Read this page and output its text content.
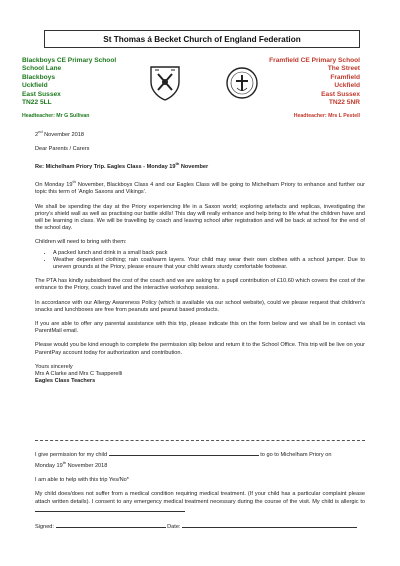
St Thomas á Becket Church of England Federation
Blackboys CE Primary School
School Lane
Blackboys
Uckfield
East Sussex
TN22 5LL
Headteacher: Mr G Sullivan
Framfield CE Primary School
The Street
Framfield
Uckfield
East Sussex
TN22 5NR
Headteacher: Mrs L Pestell

2nd November 2018

Dear Parents / Carers

Re: Michelham Priory Trip. Eagles Class - Monday 19th November

On Monday 19th November, Blackboys Class 4 and our Eagles Class will be going to Michelham Priory to enhance and further our topic this term of ‘Anglo Saxons and Vikings’.

We shall be spending the day at the Priory experiencing life in a Saxon world; exploring artefacts and replicas, investigating the priory’s shield wall as well as practising our battle skills! This day will really enhance and help bring to life what the children have and will be learning in class. We will be travelling by coach and leaving school after registration and will be back at school for the end of the school day.

Children will need to bring with them:

• A packed lunch and drink in a small back pack
• Weather dependent clothing; rain coat/warm layers. Your child may wear their own clothes with a school jumper. Due to uneven grounds at the Priory, please ensure that your child wears sturdy comfortable footwear.

The PTA has kindly subsidised the cost of the coach and we are asking for a pupil contribution of £10.60 which covers the cost of the entrance to the Priory, coach travel and the interactive workshop sessions.

In accordance with our Allergy Awareness Policy (which is available via our school website), could we please request that children’s snacks and lunchboxes are free from peanuts and peanut based products.

If you are able to offer any parental assistance with this trip, please indicate this on the form below and we shall be in contact via ParentMail email.

Please would you be kind enough to complete the permission slip below and return it to the School Office. This trip will be live on your ParentPay account today for authorization and contribution.

Yours sincerely

Mrs A Clarke and Mrs C Tsapperelli

Eagles Class Teachers

I give permission for my child	to go to Michelham Priory on

Monday 19th November 2018

I am able to help with this trip Yes/No*

My child does/does not suffer from a medical condition requiring medical treatment. (If your child has a particular complaint please attach written details). I consent to any emergency medical treatment necessary during the course of the visit. My child is allergic to

Signed:	Date:
